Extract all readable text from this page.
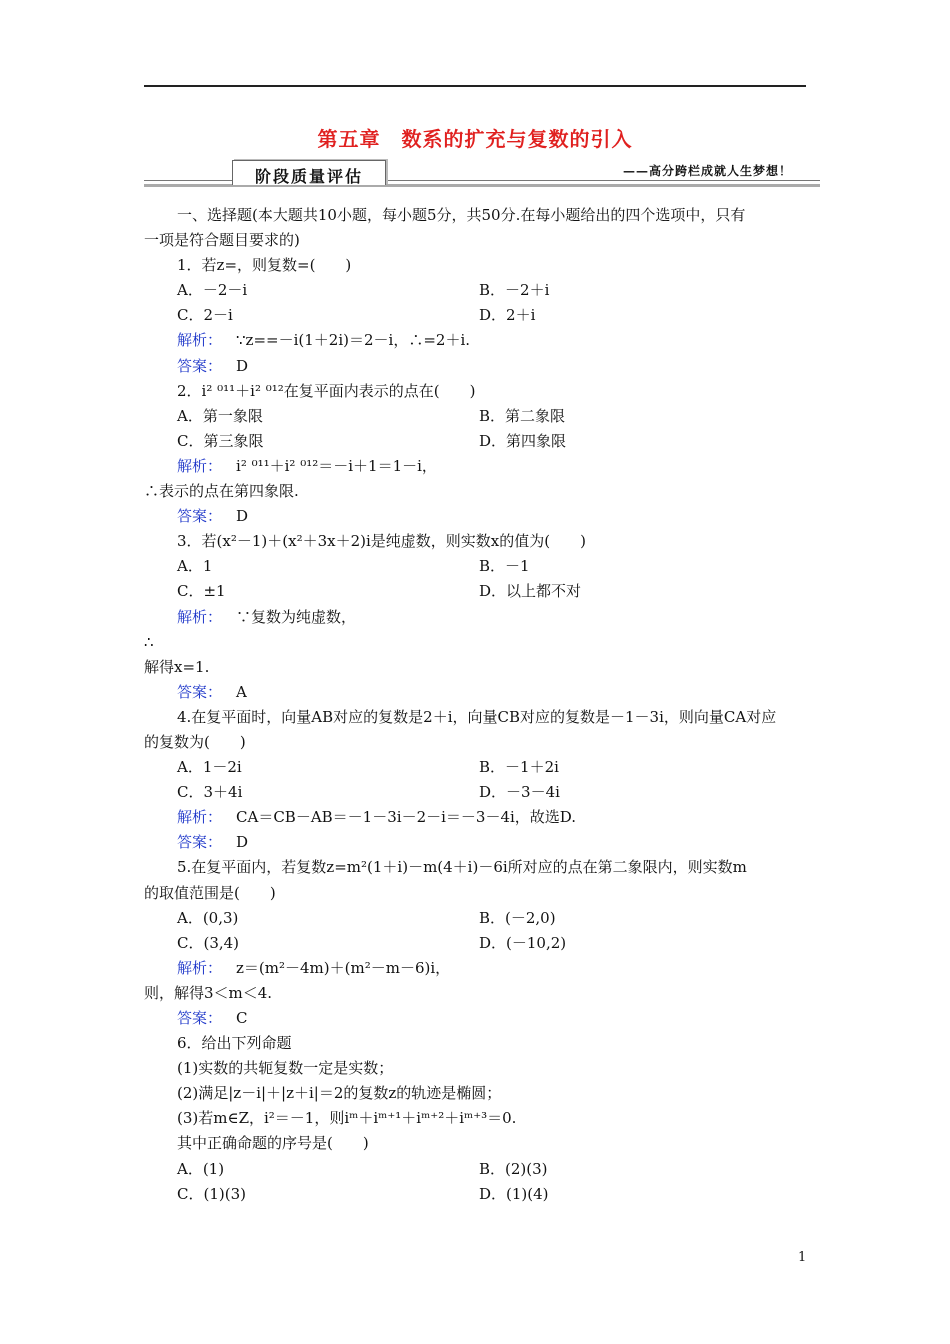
第五章　数系的扩充与复数的引入
阶段质量评估	——高分跨栏成就人生梦想！
一、选择题(本大题共10小题，每小题5分，共50分.在每小题给出的四个选项中，只有
一项是符合题目要求的)
1．若z=，则复数=(　　)
A．－2－i	B．－2＋i
C．2－i	D．2＋i
解析： ∵z==－i(1＋2i)＝2－i，∴=2＋i.
答案： D
2．i² ⁰¹¹＋i² ⁰¹²在复平面内表示的点在(　　)
A．第一象限	B．第二象限
C．第三象限	D．第四象限
解析： i² ⁰¹¹＋i² ⁰¹²＝－i＋1＝1－i，
∴表示的点在第四象限.
答案： D
3．若(x²－1)＋(x²＋3x＋2)i是纯虚数，则实数x的值为(　　)
A．1	B．－1
C．±1	D．以上都不对
解析： ∵复数为纯虚数，
∴
解得x=1.
答案： A
4.在复平面时，向量AB对应的复数是2＋i，向量CB对应的复数是－1－3i，则向量CA对应
的复数为(　　)
A．1－2i	B．－1＋2i
C．3＋4i	D．－3－4i
解析： CA＝CB－AB＝－1－3i－2－i＝－3－4i，故选D.
答案： D
5.在复平面内，若复数z=m²(1＋i)－m(4＋i)－6i所对应的点在第二象限内，则实数m
的取值范围是(　　)
A．(0,3)	B．(－2,0)
C．(3,4)	D．(－10,2)
解析： z＝(m²－4m)＋(m²－m－6)i，
则，解得3＜m＜4.
答案： C
6．给出下列命题
(1)实数的共轭复数一定是实数；
(2)满足|z－i|＋|z＋i|＝2的复数z的轨迹是椭圆；
(3)若m∈Z，i²＝－1，则iᵐ＋iᵐ⁺¹＋iᵐ⁺²＋iᵐ⁺³＝0.
其中正确命题的序号是(　　)
A．(1)	B．(2)(3)
C．(1)(3)	D．(1)(4)
1
